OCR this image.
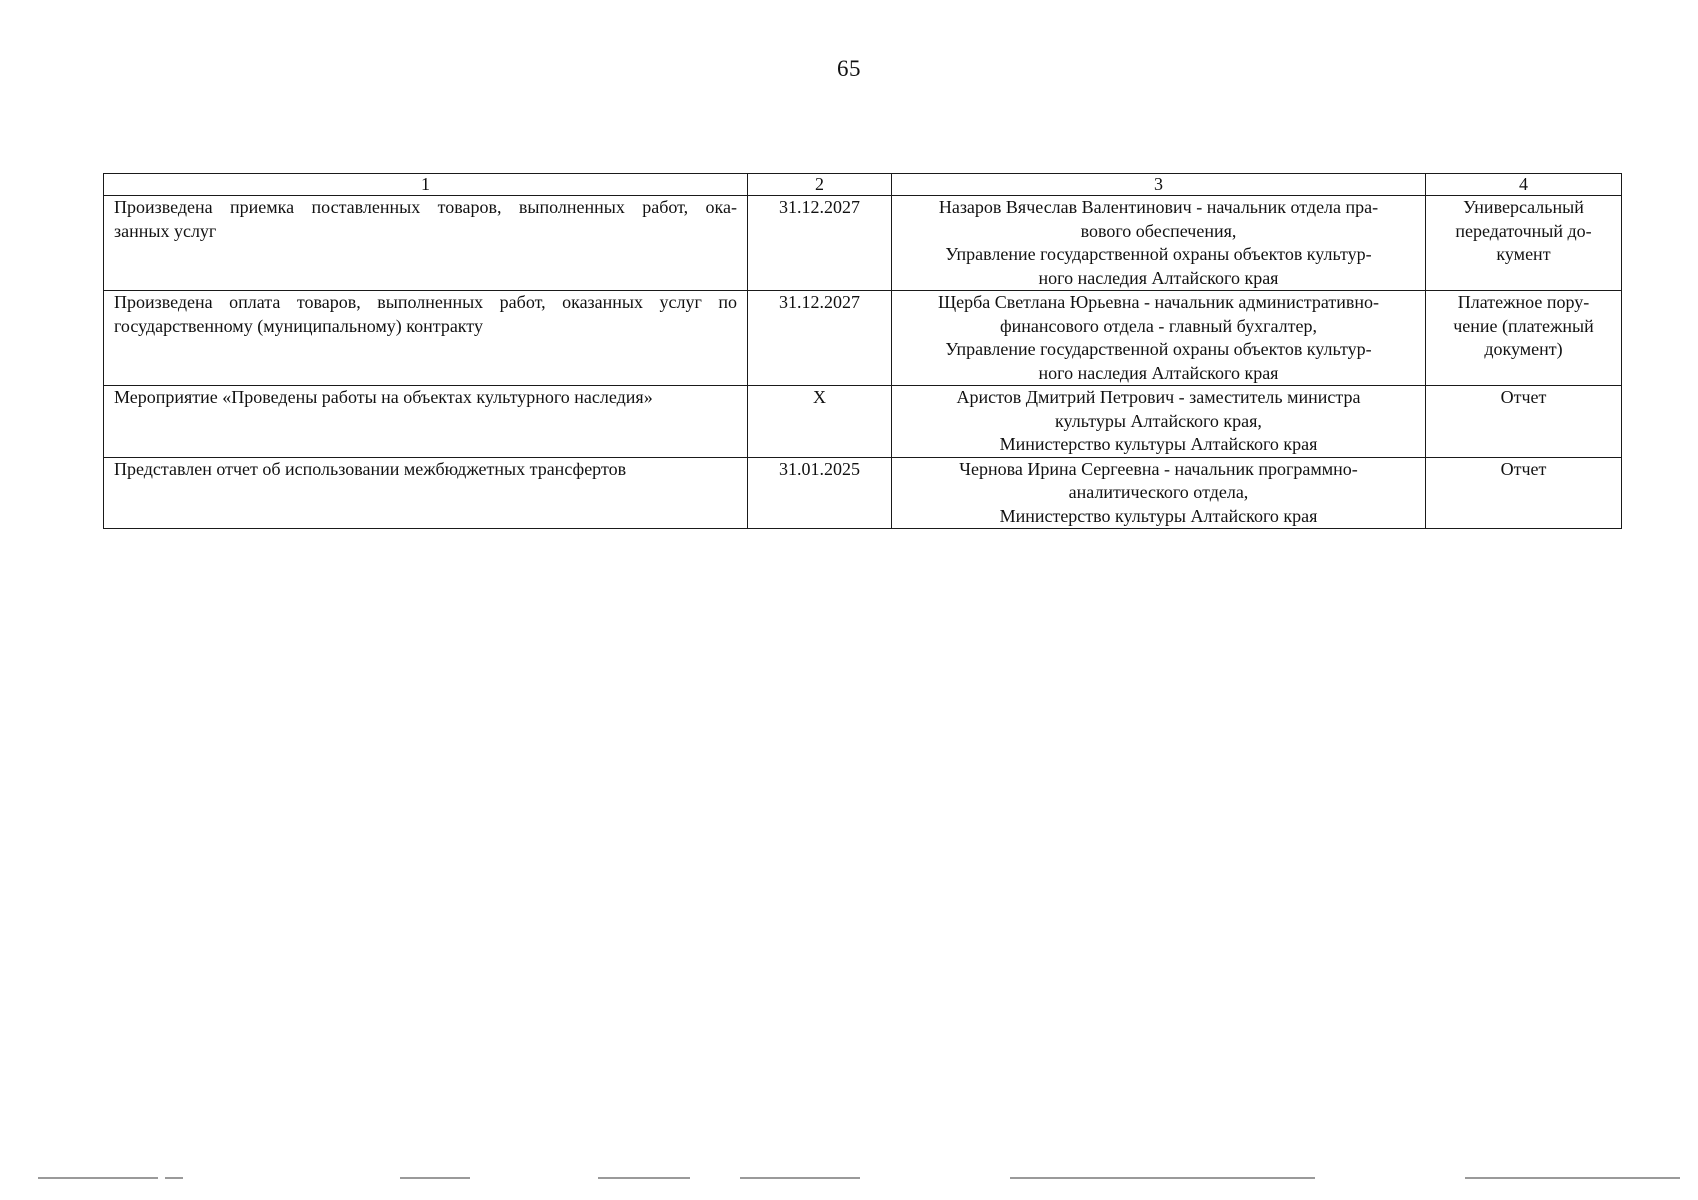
65
1	2	3	4

Произведена приемка поставленных товаров, выполненных работ, ока-
занных услуг	31.12.2027	Назаров Вячеслав Валентинович - начальник отдела пра-
вового обеспечения,
Управление государственной охраны объектов культур-
ного наследия Алтайского края	Универсальный
передаточный до-
кумент

Произведена оплата товаров, выполненных работ, оказанных услуг по
государственному (муниципальному) контракту	31.12.2027	Щерба Светлана Юрьевна - начальник административно-
финансового отдела - главный бухгалтер,
Управление государственной охраны объектов культур-
ного наследия Алтайского края	Платежное пору-
чение (платежный
документ)

Мероприятие «Проведены работы на объектах культурного наследия»	X	Аристов Дмитрий Петрович - заместитель министра
культуры Алтайского края,
Министерство культуры Алтайского края	Отчет

Представлен отчет об использовании межбюджетных трансфертов	31.01.2025	Чернова Ирина Сергеевна - начальник программно-
аналитического отдела,
Министерство культуры Алтайского края	Отчет
